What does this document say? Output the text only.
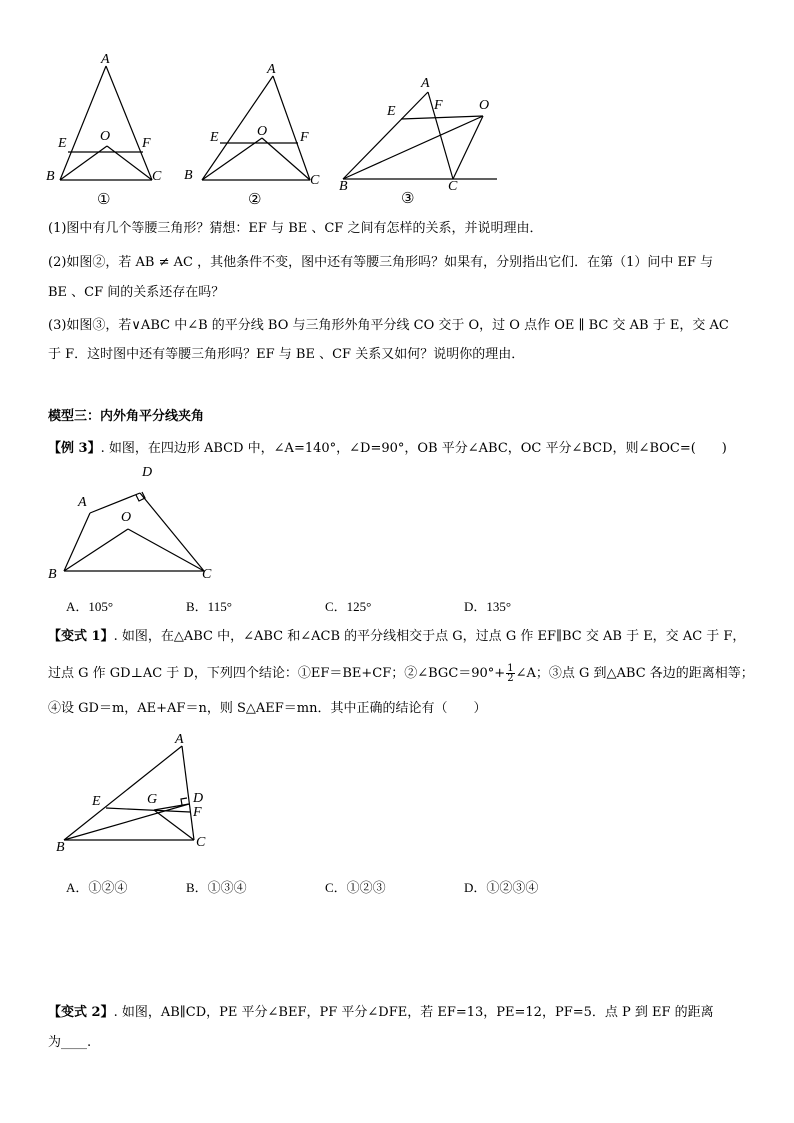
A
E O F
B	C
①
A
E	O F
B	C
②
A
E	F	O
B	C
③
(1)图中有几个等腰三角形？猜想：EF 与 BE 、CF 之间有怎样的关系，并说明理由．
(2)如图②，若 AB ≠ AC ，其他条件不变，图中还有等腰三角形吗？如果有，分别指出它们．在第（1）问中 EF 与
BE 、CF 间的关系还存在吗？
(3)如图③，若∨ABC 中∠B 的平分线 BO 与三角形外角平分线 CO 交于 O，过 O 点作 OE ∥ BC 交 AB 于 E，交 AC
于 F．这时图中还有等腰三角形吗？EF 与 BE 、CF 关系又如何？说明你的理由．
模型三：内外角平分线夹角
【例 3】. 如图，在四边形 ABCD 中，∠A=140°，∠D=90°，OB 平分∠ABC，OC 平分∠BCD，则∠BOC=(　　)
D
A
O
B	C
A．105°	B．115°	C．125°	D．135°
【变式 1】. 如图，在△ABC 中，∠ABC 和∠ACB 的平分线相交于点 G，过点 G 作 EF∥BC 交 AB 于 E，交 AC 于 F，
过点 G 作 GD⊥AC 于 D，下列四个结论：①EF＝BE+CF；②∠BGC＝90°+ $\frac{1}{2}$ ∠A；③点 G 到△ABC 各边的距离相等；
④设 GD＝m，AE+AF＝n，则 S△AEF＝mn．其中正确的结论有（　　）
A
E	G	D
F
B	C
A．①②④	B．①③④	C．①②③	D．①②③④
【变式 2】. 如图，AB∥CD，PE 平分∠BEF，PF 平分∠DFE，若 EF=13，PE=12，PF=5．点 P 到 EF 的距离
为____.
